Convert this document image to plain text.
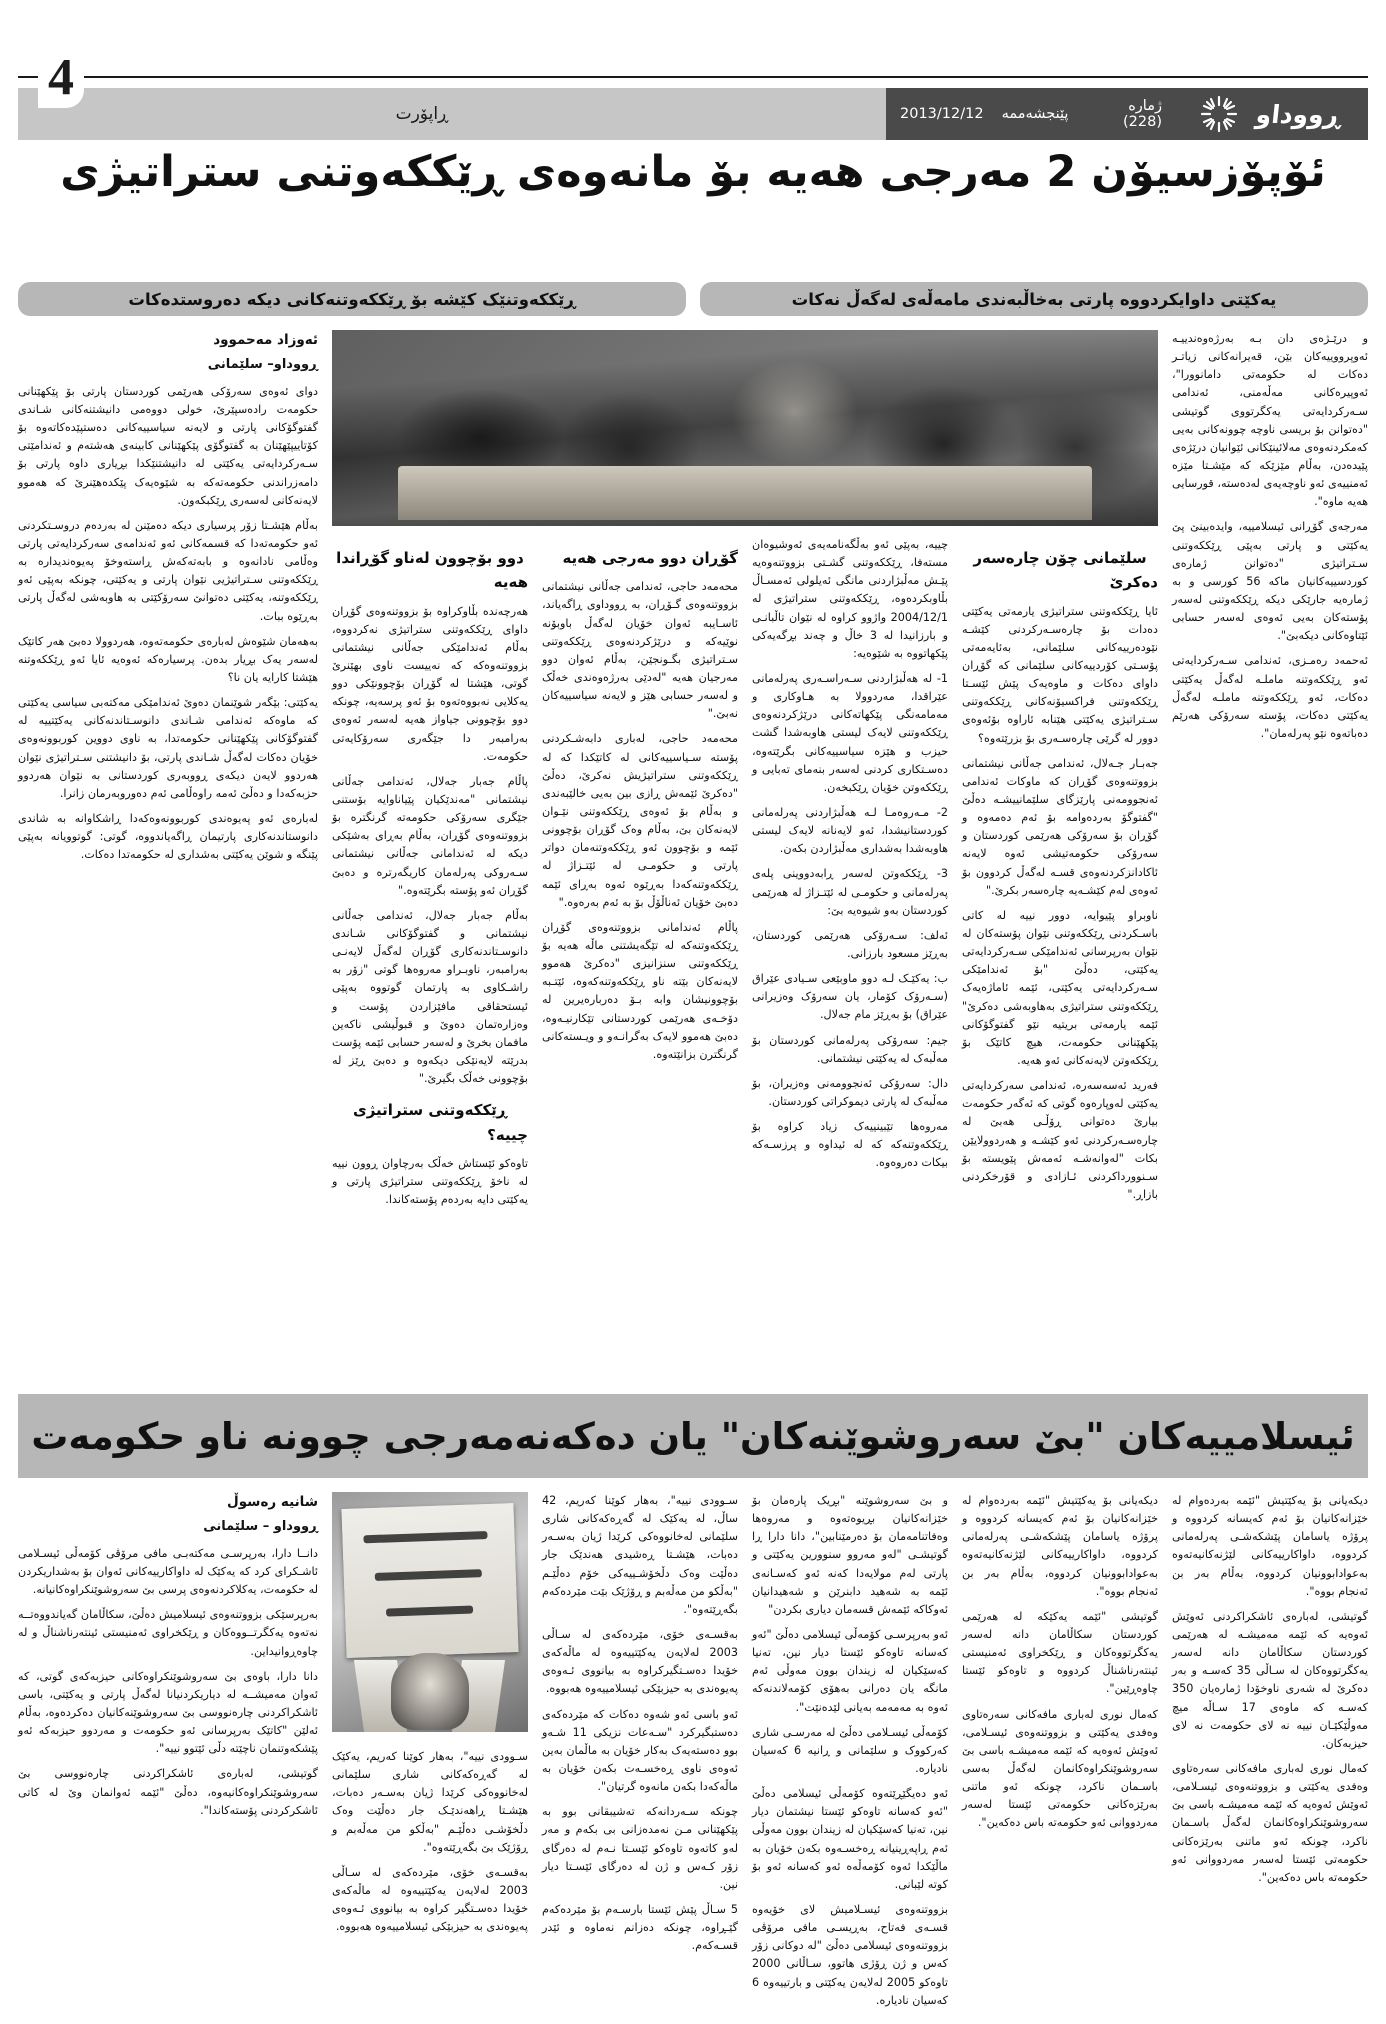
ڕووداو
ژمارە (228)
پێنجشەممە
2013/12/12
ڕاپۆرت
4
ئۆپۆزسیۆن 2 مەرجی هەیە بۆ مانەوەی ڕێککەوتنی ستراتیژی
یەکێتی داوایکردووە پارتی بەخاڵبەندی مامەڵەی لەگەڵ نەکات
ڕێککەوتنێک کێشە بۆ ڕێککەوتنەکانی دیکە دەروستدەکات
ئەوزاد مەحموود
ڕووداو– سلێمانی

دوای ئەوەی سەرۆکی هەرێمی کوردستان پارتی بۆ پێکهێنانی حکومەت رادەسپێرێ، خولی دووەمی دانیشتنەکانی شـاندی گفتوگۆکانی پارتی و لایەنە سیاسییەکانی دەستپێدەکاتەوە بۆ کۆتاییپێهێنان بە گفتوگۆی پێکهێنانی کابینەی هەشتەم و ئەندامێتی سـەرکردایەتی یەکێتی لە دانیشتنێکدا بڕیاری داوە پارتی بۆ دامەزراندنی حکومەتەکە بە شێوەیەک پێکدەهێنرێ کە هەموو لایەنەکانی لەسەری ڕێکبکەون.

بەڵام هێشـتا زۆر پرسیاری دیکە دەمێنن لە بەردەم دروسـتکردنی ئەو حکومەتەدا کە قسمەکانی ئەو ئەندامەی سەرکردایەتی پارتی وەڵامی نادانەوە و بابەتەکەش ڕاستەوخۆ پەیوەندیدارە بە ڕێککەوتنی سـتراتیژیی نێوان پارتی و یەکێتی، چونکە بەپێی ئەو ڕێککەوتنە، یەکێتی دەتوانێ سەرۆکێتی بە هاوبەشی لەگەڵ پارتی بەڕێوە ببات.

بەهەمان شێوەش لەبارەی حکومەتەوە، هەردوولا دەبێ هەر کاتێک لەسەر یەک بڕیار بدەن. پرسیارەکە ئەوەیە ئایا ئەو ڕێککەوتنە هێشتا کارایە یان نا؟

یەکێتی: بێگەر شوێنمان دەوێ ئەندامێکی مەکتەبی سیاسی یەکێتی کە ماوەکە ئەندامی شـاندی دانوسـتاندنەکانی یەکێتییە لە گفتوگۆکانی پێکهێنانی حکومەتدا، بە ناوی دووین کوربوونەوەی خۆیان دەکات لەگەڵ شـاندی پارتی، بۆ دانیشتنی سـتراتیژی نێوان هەردوو لایەن دیکەی ڕووبەری کوردستانی بە نێوان هەردوو حزبەکەدا و دەڵێ ئەمە راوەڵامی ئەم دەوروبەرمان زانرا.

لەبارەی ئەو پەیوەندی کوربوونەوەکەدا ڕاشکاوانە بە شاندی دانوستاندنەکاری پارتیمان ڕاگەیاندووە، گوتی: گوتوویانە بەپێی پێنگە و شوێن یەکێتی بەشداری لە حکومەتدا دەکات.

دوو بۆچوون لەناو گۆڕاندا هەیە

هەرچەندە بڵاوکراوە بۆ بزووتنەوەی گۆڕان داوای ڕێککەوتنی ستراتیژی نەکردووە، بەڵام ئەندامێکی جەڵانی نیشتمانی بزووتنەوەکە کە نەییست ناوی بهێنرێ گوتی، هێشتا لە گۆڕان بۆچوونێکی دوو یەکلایی نەبووەتەوە بۆ ئەو پرسەیە، چونکە دوو بۆچوونی جیاواز هەیە لەسەر ئەوەی بەرامبەر دا جێگەری سەرۆکایەتی حکومەت.

پاڵام جەبار جەلال، ئەندامی جەڵانی نیشتمانی "مەندێکیان پێیاناوایە بۆستنی جێگری سەرۆکی حکومەتە گرنگترە بۆ بزووتنەوەی گۆڕان، بەڵام بەڕای بەشێکی دیکە لە ئەندامانی جەڵانی نیشتمانی سـەروکی پەرلەمان کاریگەرترە و دەبێ گۆڕان ئەو پۆستە بگرێتەوە."

بەڵام جەبار جەلال، ئەندامی جەڵانی نیشتمانی و گفتوگۆکانی شـاندی دانوسـتاندنەکاری گۆڕان لەگەڵ لایەنـی بەرامبەر، ناوبـراو مەروەها گوتی "زۆر بە راشـکاوی بە پارتمان گوتووە بەپێی ئیستحقاقی مافێزاردن پۆست و وەزارەتمان دەوێ و قبوڵیشی ناکەین مافمان بخرێ و لەسەر حسابی ئێمە پۆست بدرێتە لایەنێکی دیکەوە و دەبێ ڕێز لە بۆچوونی خەڵک بگیرێ."

ڕێککەوتنی ستراتیژی چییە؟

تاوەکو ئێستاش خەڵک بەرچاوان ڕوون نییە لە ناخۆ ڕێککەوتنی ستراتیژی پارتی و یەکێتی دایە بەردەم پۆستەکاندا.

گۆڕان دوو مەرجی هەیە

محەمەد حاجی، ئەندامی جەڵانی نیشتمانی بزووتنەوەی گـۆڕان، بە ڕووداوی ڕاگەیاند، ئاسـایبە ئەوان خۆیان لەگەڵ باوبۆنە نوێیەکە و درێژکردنەوەی ڕێککەوتنی سـتراتیژی بگـونجێن، بەڵام ئەوان دوو مەرجیان هەیە "لەدێی بەرژەوەندی خەڵک و لەسەر حسابی هێز و لایەنە سیاسییەکان نەبێ."

محەمەد حاجی، لەباری دابەشـکردنی پۆستە سـیاسییەکانی لە کاتێکدا کە لە ڕێککەوتنی ستراتیژیش نەکرێ، دەڵێ "دەکرێ ئێمەش ڕازی بین بەیی خالێبەندی و بەڵام بۆ ئەوەی ڕێککەوتنی نێـوان لایەنەکان بێ، بەڵام وەک گۆڕان بۆچوونی ئێمە و بۆچوون ئەو ڕێککەوتنەمان دواتر پارتی و حکومـی لە ئێتـزاژ لە ڕێککەوتنەکەدا بەڕێوە ئەوە بەڕای ئێمە دەبێ خۆیان ئەناڵۆڵ بۆ بە ئەم بەرەوە."

پاڵام ئەندامانی بزووتنەوەی گۆڕان ڕێککەوتنەکە لە تێگەیشتنی ماڵە هەیە بۆ ڕێککەوتنی سنزانیزی "دەکرێ هەموو لایەنەکان بێتە ناو ڕێککەوتنەکەوە، ئێتـبە بۆچوونیشان وابە بـۆ دەربارەیرین لە دۆخـەی هەرێمی کوردستانی تێکارنیـەوە، دەبێ هەموو لایەک بەگرانـەو و ویـستەکانی گرنگترن بزانێتەوە.

چییە، بەپێی ئەو بەڵگەنامەیەی ئەوشیوەان مستەفا، ڕێککەوتنی گشـتی بزووتنەوەیە پێـش مەڵبژاردنی مانگی ئەیلولی ئەمسـاڵ بڵاوبکردەوە، ڕێککەوتنی ستراتیژی لە 2004/12/1 واژوو کراوە لە نێوان تاڵبانـی و بارزانیدا لە 3 خاڵ و چەند بڕگەیەکی پێکهاتووە بە شێوەیە:

1- لە هەڵبژاردنی سـەراسـەری پەرلەمانی عێراقدا، مەردوولا بە هـاوکاری و مەمامەنگی پێکهاتەکانی درێژکردنەوەی ڕێککەوتنی لایەک لیستی هاوبەشدا گشت حیزب و هێزە سیاسییەکانی بگرێتەوە، دەسـتکاری کردنی لەسەر بنەمای تەبایی و ڕێککەوتن خۆیان ڕێکبخەن.

2- مـەروەمـا لـە هەڵبژاردنی پەرلەمانی کوردستانیشدا، ئەو لایەنانە لایەک لیستی هاوبەشدا بەشداری مەڵبژاردن بکەن.

3- ڕێککەوتن لەسەر ڕابەدووینی پلەی پەرلەمانی و حکومـی لە ئێتـزاژ لە هەرێمی کوردستان بەو شیوەیە بێ:

ئەلف: سـەرۆکی هەرێمی کوردستان، بەڕێز مسعود بارزانی.

ب: یەکێـک لـە دوو ماوبێعی سـیادی عێراق (سـەرۆک کۆمار، یان سەرۆک وەزیرانی عێراق) بۆ بەڕێز مام جەلال.

جیم: سەرۆکی پەرلەمانی کوردستان بۆ مەڵبەک لە یەکێتی نیشتمانی.

دال: سەرۆکی ئەنجوومەنی وەزیران، بۆ مەڵبەک لە پارتی دیموکراتی کوردستان.

مەروەها تێبینییەک زیاد کراوە بۆ ڕێککەوتنەکە کە لە ئیداوە و پرزسـەکە بیکات دەروەوە.

سلێمانی چۆن چارەسەر دەکرێ

ئایا ڕێککەوتنی ستراتیژی یارمەتی یەکێتی دەدات بۆ چارەسـەرکردنی کێشـە نێودەرییەکانی سلێمانی، بەئایەمەتی پۆسـتی کۆردییەکانی سلێمانی کە گۆڕان داوای دەکات و ماوەیەک پێش ئێسـتا ڕێککەوتنی فراکسیۆنەکانی ڕێککەوتنی سـتراتیژی یەکێتی هێنابە ئاراوە بۆئەوەی دوور لە گرێی چارەسـەری بۆ بزرێتەوە؟

جەبـار جـەلال، ئەندامی جەڵانی نیشتمانی بزووتنەوەی گۆڕان کە ماوکات ئەندامی ئەنجوومەنی پارێزگای سلێمانییشـە دەڵێ "گفتوگۆ بەردەوامە بۆ ئەم دەمەوە و گۆڕان بۆ سەرۆکی هەرێمی کوردستان و سەرۆکی حکومەتیشی ئەوە لایەنە ئاکادانزکردنەوەی قسـە لەگەڵ کردوون بۆ ئەوەی لەم کێشـەیە چارەسەر بکرێ."

ناوبراو پێیوایە، دوور نییە لە کاتی باسـکردنی ڕێککەوتنی نێوان پۆستەکان لە نێوان بەرپرسانی ئەندامێکی سـەرکردایەتی یەکێتی، دەڵێ "بۆ ئەندامێکی سـەرکردایەتی یەکێتی، ئێمە ئاماژەیەک ڕێککەوتنی ستراتیژی بەهاوبەشی دەکرێ" ئێمە یارمەتی بریتیە نێو گفتوگۆکانی پێکهێنانی حکومەت، هیچ کاتێک بۆ ڕێککەوتن لایەنەکانی ئەو هەیە.

فەرید ئەسەسەرە، ئەندامی سەرکردایەتی یەکێتی لەوپارەوە گوتی کە ئەگەر حکومەت بیارێ دەتوانی ڕۆڵـی هەبێ لە چارەسـەرکردنی ئەو کێشـە و هەردوولایێن بکات "لەوانەشـە ئەمەش پێویستە بۆ سـنوورداکردنی ئـازادی و قۆرخکردنی بازاڕ."

و درێـژەی دان بـە بەرژەوەندییـە ئەوپرووییەکان بێن، قەیرانەکانی زیاتـر دەکات لە حکومەتی دامانوورا"، ئەوپیرەکانی مەڵەمنی، ئەندامی سـەرکردایەتی یەکگرتووی گوتیشی "دەتوانن بۆ بریسی ناوچە چوونەکانی بەیی کەمکردنەوەی مەلائینێکانی ئێوانیان درێژەی پێیدەدن، بەڵام مێزێکە کە مێشـتا مێزە ئەمنییەی ئەو ناوچەیەی لەدەستە، قورسایی هەیە ماوە".

مەرجەی گۆڕانی ئیسلامییە، وایدەبینێ پێ یەکێتی و پارتی بەپێی ڕێککەوتنی سـتراتیژی "دەتوانن ژمارەی کوردسییەکانیان ماکە 56 کورسی و بە ژمارەیە جارێکی دیکە ڕێککەوتنی لەسەر پۆستەکان بەیی ئەوەی لەسەر حسابی ئێتاوەکانی دیکەبێ".

ئەحمەد رەمـزی، ئەندامی سـەرکردایەتی ئەو ڕێککەوتنە ماملـە لەگەڵ یەکێتی دەکات، ئەو ڕێککەوتنە ماملـە لەگەڵ یەکێتی دەکات، پۆستە سەرۆکی هەرێم دەباتەوە نێو پەرلەمان".

ئیسلامییەکان "بێ سەروشوێنەکان" یان دەکەنەمەرجی چوونە ناو حکومەت
شانیە رەسوڵ
ڕووداو – سلێمانی

دانــا دارا، بەرپرسـی مەکتەبـی مافی مرۆڤی کۆمەڵی ئیسـلامی ئاشـکرای کرد کە یەکێک لە داواکارییەکانی ئەوان بۆ بەشداریکردن لە حکومەت، یەکلاکردنەوەی پرسی بێ سەروشوێنکراوەکانیانە.

بەرپرسێکی بزووتنەوەی ئیسلامیش دەڵێ، سکاڵامان گەیاندووەتــە نەتەوە یەکگرتــووەکان و ڕێکخراوی ئەمنیستی ئینتەرناشناڵ و لە چاوەڕوانیداین.

دانا دارا، باوەی بێ سەروشوێنکراوەکانی حیزبەکەی گوتی، کە ئەوان مەمیشــە لە دیاریکردنیانا لەگەڵ پارتی و یەکێتی، باسی ئاشکراکردنی چارەنووسی بێ سەروشوێنەکانیان دەکردەوە، بەڵام ئەلێن "کاتێک بەرپرسانی ئەو حکومەت و مەردوو حیزبەکە ئەو پێشکەوتنمان ناچێتە دڵی ئێتوو نییە".

گوتیشی، لەبارەی ئاشکراکردنی چارەنووسی بێ سەروشوێنکراوەکانیەوە، دەڵێ "ئێمە ئەوانمان وێ لە کاتی ئاشکرکردنی پۆستەکاندا".

سـوودی نییە"، بەهار کوێنا کەریم، یەکێک لە گەڕەکەکانی شاری سلێمانی لەخانووەکی کرێدا ژیان بەسـەر دەبات، هێشـتا ڕاهەندێـک جار دەڵێت وەک دڵخۆشـی دەڵێـم "بەڵکو من مەڵەبم و ڕۆژێک بێ بگەڕێتەوە".

بەقسـەی خۆی، مێردەکەی لە سـاڵی 2003 لەلایەن یەکێتییەوە لە ماڵەکەی خۆیدا دەسـتگیر کراوە بە بیانووی ئـەوەی پەیوەندی بە حیزبێکی ئیسلامییەوە هەبووە.

سـوودی نییە"، بەهار کوێنا کەریم، 42 ساڵ، لە یەکێک لە گەڕەکەکانی شاری سلێمانی لەخانووەکی کرێدا ژیان بەسـەر دەبات، هێشـتا ڕەشیدی هەندێک جار دەڵێت وەک دڵخۆشـییەکی خۆم دەڵێـم "بەڵکو من مەڵەبم و ڕۆژێک بێت مێردەکەم بگەڕێتەوە".

بەقسـەی خۆی، مێردەکەی لە سـاڵی 2003 لەلایەن یەکێتییەوە لە ماڵەکەی خۆیدا دەسـتگیرکراوە بە بیانووی ئـەوەی پەیوەندی بە حیزبێکی ئیسلامییەوە هەبووە.

ئەو باسی ئەو شەوە دەکات کە مێردەکەی دەستبگیرکرد "سـەعات نزیکی 11 شـەو بوو دەستەیەک بەکار خۆیان بە ماڵمان بەین ئەوەی ناوی ڕەخسـەت بکەن خۆیان بە ماڵەکەدا بکەن مانەوە گرتیان".

چونکە سـەردانەکە تەشیبقانی بوو بە پێکهێنانی مـن نەمدەزانی بی بکەم و مەر لەو کاتەوە تاوەکو ئێسـتا نـەم لە دەرگای زۆر کـەس و ژن لە دەرگای ئێسـتا دیار نین.

5 سـاڵ پێش ئێستا بارسـەم بۆ مێردەکەم گێـڕاوە، چونکە دەزانم نەماوە و ئێدر قسـەکەم.

و بێ سەروشوێنە "بڕیک پارەمان بۆ خێزانەکانیان بڕیوەتەوە و مەروەها وەفاتنامەمان بۆ دەرمێنابین"، دانا دارا ڕا گوتیشـی "لەو مەروو سنوورین یەکێتی و پارتی لەم مولایەدا کەنە ئەو کەسـانەی ئێمە بە شەهید دابنرێن و شەهیدانیان ئەوکاکە ئێمەش قسەمان دیاری بکردن"

ئەو بەرپرسـی کۆمەڵی ئیسلامی دەڵێ "ئەو کەسانە تاوەکو ئێستا دیار نین، تەنیا کەسێکیان لە زیندان بوون مەوڵی ئەم مانگە یان دەرانی بەهۆی کۆمەلاندنەکە ئەوە بە مەمەمە بەیانی لێدەنێت".

کۆمەڵی ئیسـلامی دەڵێ لە مەرسـی شاری کەرکووک و سلێمانی و ڕانیە 6 کەسیان نادیارە.

ئەو دەیگێڕێتەوە کۆمەڵی ئیسلامی دەڵێ "ئەو کەسانە تاوەکو ئێستا نیشتمان دیار نین، تەنیا کەسێکیان لە زیندان بوون مەوڵی ئەم ڕاپەڕینیانە ڕەخسـەوە بکەن خۆیان بە ماڵێکدا ئەوە کۆمەڵەە ئەو کەسانە ئەو بۆ کوتە لێبانی.

بزووتنەوەی ئیسـلامیش لای خۆیەوە قسـەی فەتاح، بەڕیسـی مافی مرۆڤی بزووتنەوەی ئیسلامی دەڵێ "لە دوکانی زۆر کەس و ژن ڕۆژی هاتوو، سـاڵانی 2000 تاوەکو 2005 لەلایەن یەکێتی و بارتییەوە 6 کەسیان نادیارە.

دیکەیانی بۆ یەکێتیش "ئێمە بەردەوام لە خێزانەکانیان بۆ ئەم کەیسانە کردووە و پرۆژە یاسامان پێشکەشـی پەرلەمانی کردووە، داواکارییەکانی لێژنەکانیەتەوە بەعوادابوونیان کردووە، بەڵام بەر بن ئەنجام بووە".

گوتیشی "ئێمە یەکێکە لە هەرێمی کوردستان سکاڵامان دانە لەسەر یەکگرتووەکان و ڕێکخراوی ئەمنیستی ئینتەرناشناڵ کردووە و تاوەکو ئێستا چاوەڕێین".

کەمال نوری لەباری مافەکانی سەرەتاوی وەفدی یەکێتی و بزووتنەوەی ئیسـلامی، ئەوێش ئەوەیە کە ئێمە مەمیشـە باسی بێ سەروشوێنکراوەکانمان لەگەڵ بەسی باسـمان ناکرد، چونکە ئەو ماتنی بەرێزەکانی حکومەتی ئێستا لەسەر مەردووانی ئەو حکومەتە باس دەکەین".

دیکەیانی بۆ یەکێتیش "ئێمە بەردەوام لە خێزانەکانیان بۆ ئەم کەیسانە کردووە و پرۆژە یاسامان پێشکەشـی پەرلەمانی کردووە، داواکارییەکانی لێژنەکانیەتەوە بەعوادابوونیان کردووە، بەڵام بەر بن ئەنجام بووە".

گوتیشی، لەبارەی ئاشکراکردنی ئەوێش ئەوەیە کە ئێمە مەمیشـە لە هەرێمی کوردستان سکاڵامان دانە لەسەر یەکگرتووەکان لە سـاڵی 35 کەسـە و بەر دەکرێ لە شەری ناوخۆدا ژمارەیان 350 کەسـە کە ماوەی 17 سـاڵە میچ مەوڵێکێـان نییە نە لای حکومەت نە لای حیزبەکان.

کەمال نوری لەباری مافەکانی سەرەتاوی وەفدی یەکێتی و بزووتنەوەی ئیسـلامی، ئەوێش ئەوەیە کە ئێمە مەمیشـە باسی بێ سەروشوێنکراوەکانمان لەگەڵ باسـمان ناکرد، چونکە ئەو ماتنی بەرێزەکانی حکومەتی ئێستا لەسەر مەردووانی ئەو حکومەتە باس دەکەین".
